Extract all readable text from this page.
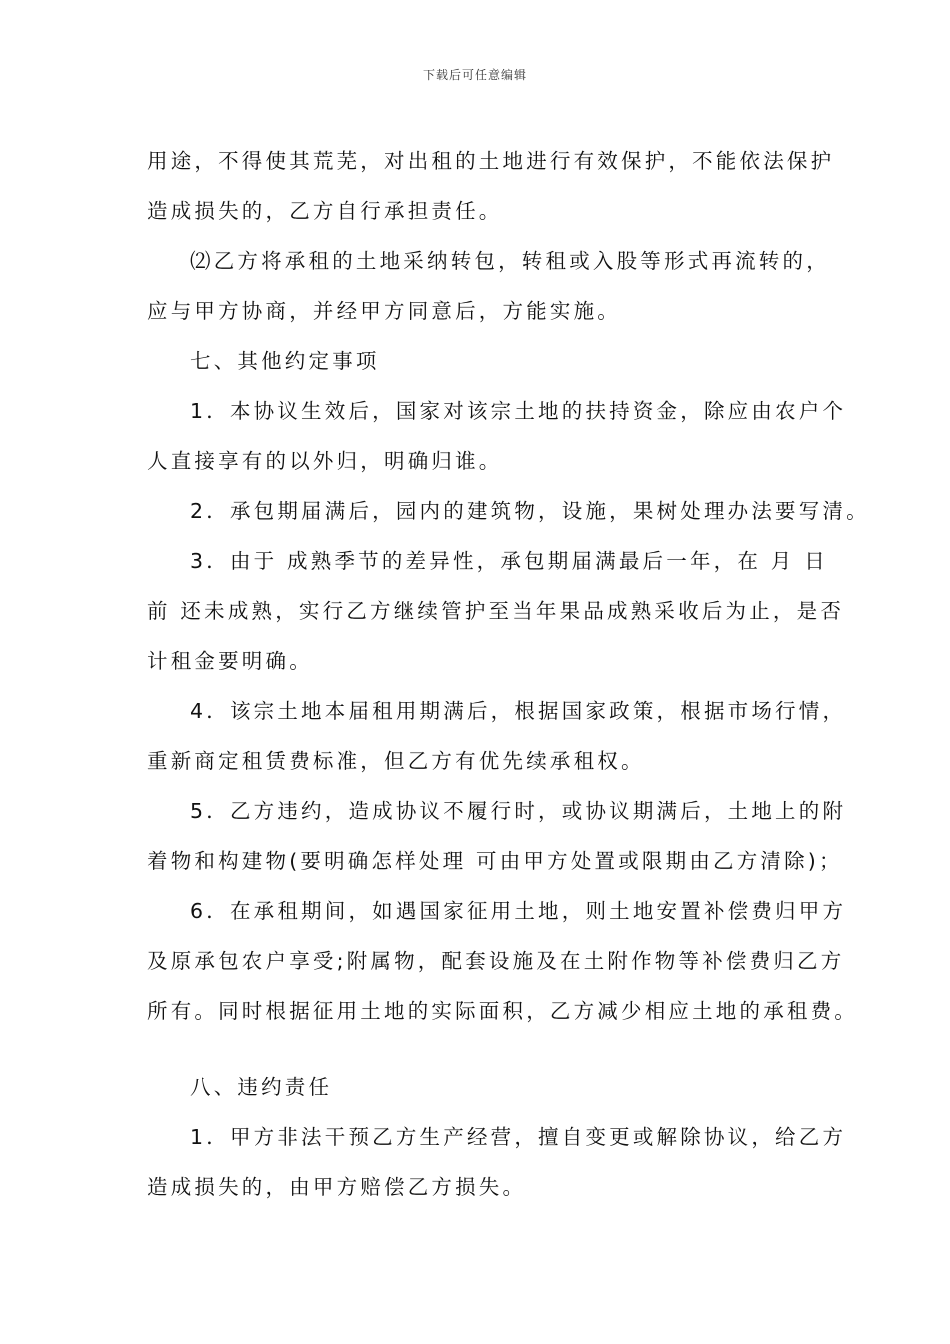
下载后可任意编辑
用途，不得使其荒芜，对出租的土地进行有效保护，不能依法保护
造成损失的，乙方自行承担责任。
⑵乙方将承租的土地采纳转包，转租或入股等形式再流转的，
应与甲方协商，并经甲方同意后，方能实施。
七、其他约定事项
1．本协议生效后，国家对该宗土地的扶持资金，除应由农户个
人直接享有的以外归，明确归谁。
2．承包期届满后，园内的建筑物，设施，果树处理办法要写清。
3．由于 成熟季节的差异性，承包期届满最后一年，在 月 日
前 还未成熟，实行乙方继续管护至当年果品成熟采收后为止，是否
计租金要明确。
4．该宗土地本届租用期满后，根据国家政策，根据市场行情，
重新商定租赁费标准，但乙方有优先续承租权。
5．乙方违约，造成协议不履行时，或协议期满后，土地上的附
着物和构建物(要明确怎样处理 可由甲方处置或限期由乙方清除)；
6．在承租期间，如遇国家征用土地，则土地安置补偿费归甲方
及原承包农户享受;附属物，配套设施及在土附作物等补偿费归乙方
所有。同时根据征用土地的实际面积，乙方减少相应土地的承租费。
八、违约责任
1．甲方非法干预乙方生产经营，擅自变更或解除协议，给乙方
造成损失的，由甲方赔偿乙方损失。
